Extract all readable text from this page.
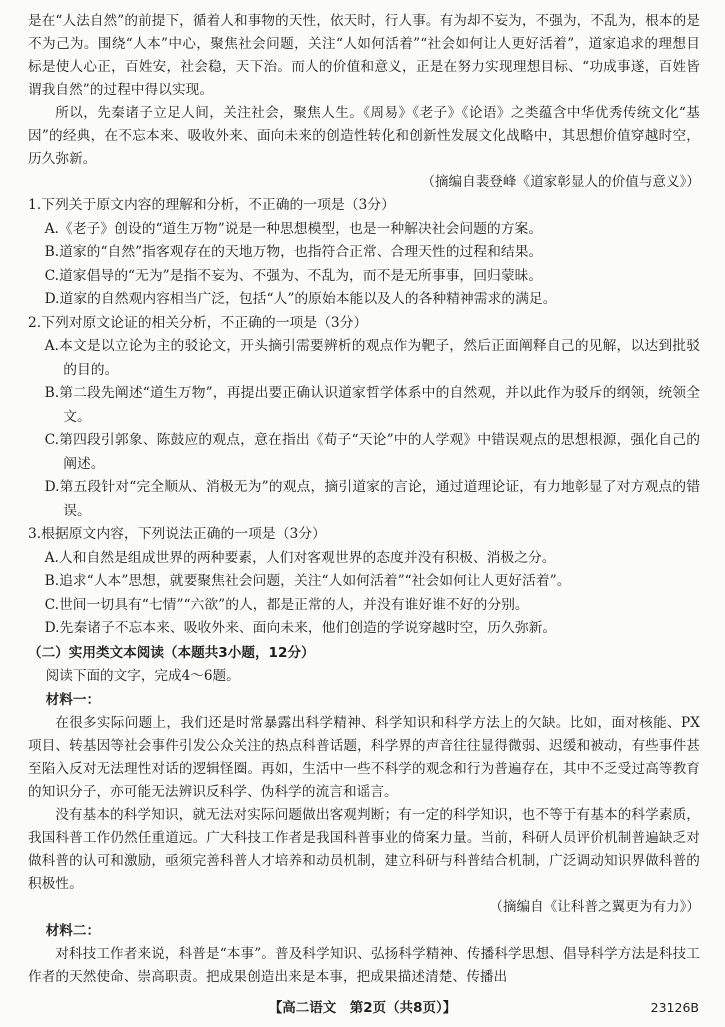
是在“人法自然”的前提下，循着人和事物的天性，依天时，行人事。有为却不妄为，不强为，不乱为，根本的是不为己为。围绕“人本”中心，聚焦社会问题，关注“人如何活着”“社会如何让人更好活着”，道家追求的理想目标是使人心正，百姓安，社会稳，天下治。而人的价值和意义，正是在努力实现理想目标、“功成事遂，百姓皆谓我自然”的过程中得以实现。

所以，先秦诸子立足人间，关注社会，聚焦人生。《周易》《老子》《论语》之类蕴含中华优秀传统文化“基因”的经典，在不忘本来、吸收外来、面向未来的创造性转化和创新性发展文化战略中，其思想价值穿越时空，历久弥新。

（摘编自裴登峰《道家彰显人的价值与意义》）

1.下列关于原文内容的理解和分析，不正确的一项是（3分）

A.《老子》创设的“道生万物”说是一种思想模型，也是一种解决社会问题的方案。

B.道家的“自然”指客观存在的天地万物，也指符合正常、合理天性的过程和结果。

C.道家倡导的“无为”是指不妄为、不强为、不乱为，而不是无所事事，回归蒙昧。

D.道家的自然观内容相当广泛，包括“人”的原始本能以及人的各种精神需求的满足。

2.下列对原文论证的相关分析，不正确的一项是（3分）

A.本文是以立论为主的驳论文，开头摘引需要辨析的观点作为靶子，然后正面阐释自己的见解，以达到批驳的目的。

B.第二段先阐述“道生万物”，再提出要正确认识道家哲学体系中的自然观，并以此作为驳斥的纲领，统领全文。

C.第四段引郭象、陈鼓应的观点，意在指出《荀子“天论”中的人学观》中错误观点的思想根源，强化自己的阐述。

D.第五段针对“完全顺从、消极无为”的观点，摘引道家的言论，通过道理论证，有力地彰显了对方观点的错误。

3.根据原文内容，下列说法正确的一项是（3分）

A.人和自然是组成世界的两种要素，人们对客观世界的态度并没有积极、消极之分。

B.追求“人本”思想，就要聚焦社会问题，关注“人如何活着”“社会如何让人更好活着”。

C.世间一切具有“七情”“六欲”的人，都是正常的人，并没有谁好谁不好的分别。

D.先秦诸子不忘本来、吸收外来、面向未来，他们创造的学说穿越时空，历久弥新。

（二）实用类文本阅读（本题共3小题，12分）

阅读下面的文字，完成4～6题。

材料一：

在很多实际问题上，我们还是时常暴露出科学精神、科学知识和科学方法上的欠缺。比如，面对核能、PX项目、转基因等社会事件引发公众关注的热点科普话题，科学界的声音往往显得微弱、迟缓和被动，有些事件甚至陷入反对无法理性对话的逻辑怪圈。再如，生活中一些不科学的观念和行为普遍存在，其中不乏受过高等教育的知识分子，亦可能无法辨识反科学、伪科学的流言和谣言。

没有基本的科学知识，就无法对实际问题做出客观判断；有一定的科学知识，也不等于有基本的科学素质，我国科普工作仍然任重道远。广大科技工作者是我国科普事业的倚案力量。当前，科研人员评价机制普遍缺乏对做科普的认可和激励，亟须完善科普人才培养和动员机制，建立科研与科普结合机制，广泛调动知识界做科普的积极性。

（摘编自《让科普之翼更为有力》）

材料二：

对科技工作者来说，科普是“本事”。普及科学知识、弘扬科学精神、传播科学思想、倡导科学方法是科技工作者的天然使命、崇高职责。把成果创造出来是本事，把成果描述清楚、传播出

【高二语文　第2页（共8页）】	23126B
